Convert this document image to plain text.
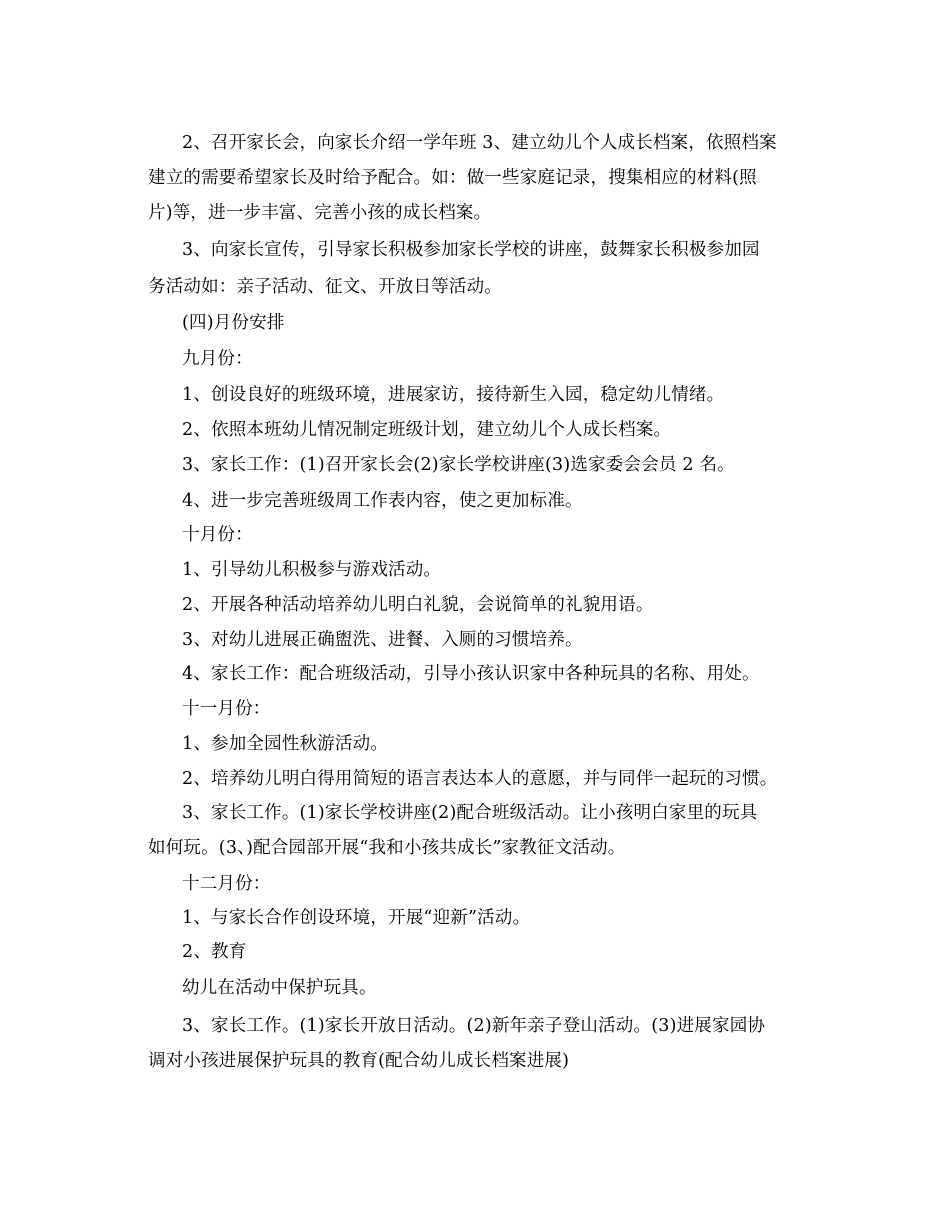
2、召开家长会，向家长介绍一学年班 3、建立幼儿个人成长档案，依照档案
建立的需要希望家长及时给予配合。如：做一些家庭记录，搜集相应的材料(照
片)等，进一步丰富、完善小孩的成长档案。
3、向家长宣传，引导家长积极参加家长学校的讲座，鼓舞家长积极参加园
务活动如：亲子活动、征文、开放日等活动。
(四)月份安排
九月份：
1、创设良好的班级环境，进展家访，接待新生入园，稳定幼儿情绪。
2、依照本班幼儿情况制定班级计划，建立幼儿个人成长档案。
3、家长工作：(1)召开家长会(2)家长学校讲座(3)选家委会会员 2 名。
4、进一步完善班级周工作表内容，使之更加标准。
十月份：
1、引导幼儿积极参与游戏活动。
2、开展各种活动培养幼儿明白礼貌，会说简单的礼貌用语。
3、对幼儿进展正确盥洗、进餐、入厕的习惯培养。
4、家长工作：配合班级活动，引导小孩认识家中各种玩具的名称、用处。
十一月份：
1、参加全园性秋游活动。
2、培养幼儿明白得用简短的语言表达本人的意愿，并与同伴一起玩的习惯。
3、家长工作。(1)家长学校讲座(2)配合班级活动。让小孩明白家里的玩具
如何玩。(3、)配合园部开展“我和小孩共成长”家教征文活动。
十二月份：
1、与家长合作创设环境，开展“迎新”活动。
2、教育
幼儿在活动中保护玩具。
3、家长工作。(1)家长开放日活动。(2)新年亲子登山活动。(3)进展家园协
调对小孩进展保护玩具的教育(配合幼儿成长档案进展)
